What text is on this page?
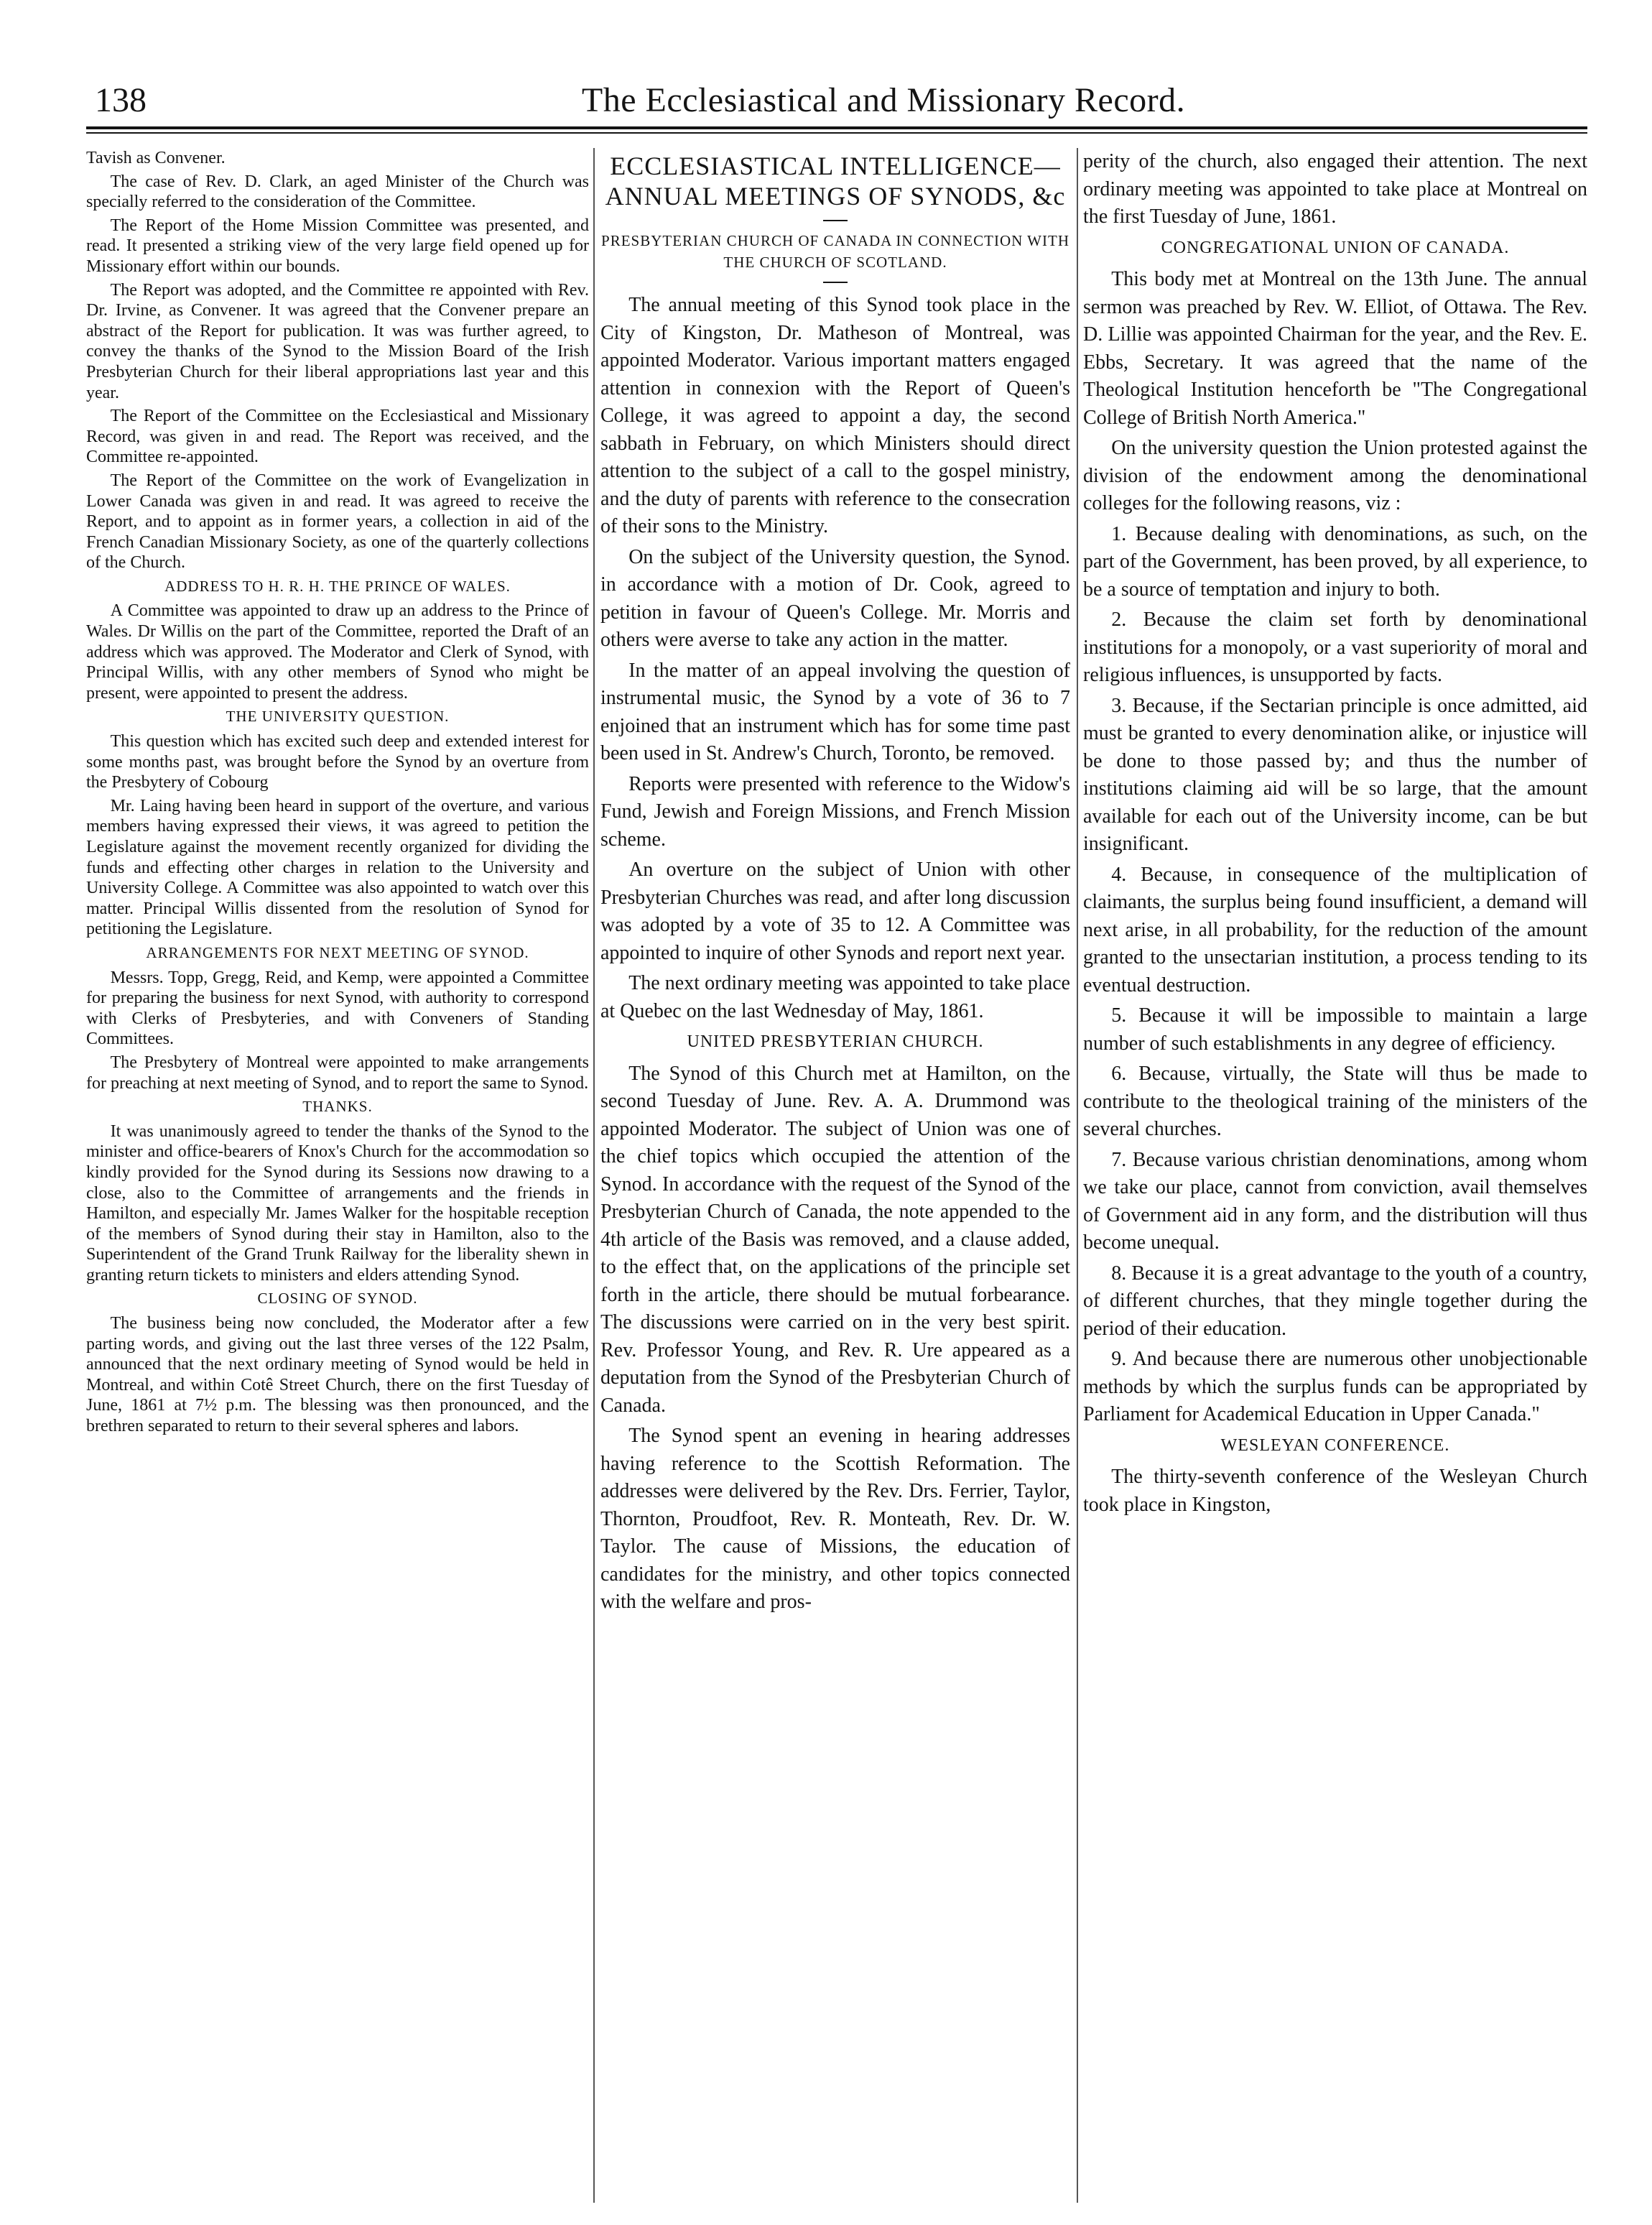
138	The Ecclesiastical and Missionary Record.

Tavish as Convener.

The case of Rev. D. Clark, an aged Minister of the Church was specially referred to the consideration of the Committee.

The Report of the Home Mission Committee was presented, and read. It presented a striking view of the very large field opened up for Missionary effort within our bounds.

The Report was adopted, and the Committee re appointed with Rev. Dr. Irvine, as Convener. It was agreed that the Convener prepare an abstract of the Report for publication. It was was further agreed, to convey the thanks of the Synod to the Mission Board of the Irish Presbyterian Church for their liberal appropriations last year and this year.

The Report of the Committee on the Ecclesiastical and Missionary Record, was given in and read. The Report was received, and the Committee re-appointed.

The Report of the Committee on the work of Evangelization in Lower Canada was given in and read. It was agreed to receive the Report, and to appoint as in former years, a collection in aid of the French Canadian Missionary Society, as one of the quarterly collections of the Church.

ADDRESS TO H. R. H. THE PRINCE OF WALES.

A Committee was appointed to draw up an address to the Prince of Wales. Dr Willis on the part of the Committee, reported the Draft of an address which was approved. The Moderator and Clerk of Synod, with Principal Willis, with any other members of Synod who might be present, were appointed to present the address.

THE UNIVERSITY QUESTION.

This question which has excited such deep and extended interest for some months past, was brought before the Synod by an overture from the Presbytery of Cobourg

Mr. Laing having been heard in support of the overture, and various members having expressed their views, it was agreed to petition the Legislature against the movement recently organized for dividing the funds and effecting other charges in relation to the University and University College. A Committee was also appointed to watch over this matter. Principal Willis dissented from the resolution of Synod for petitioning the Legislature.

ARRANGEMENTS FOR NEXT MEETING OF SYNOD.

Messrs. Topp, Gregg, Reid, and Kemp, were appointed a Committee for preparing the business for next Synod, with authority to correspond with Clerks of Presbyteries, and with Conveners of Standing Committees.

The Presbytery of Montreal were appointed to make arrangements for preaching at next meeting of Synod, and to report the same to Synod.

THANKS.

It was unanimously agreed to tender the thanks of the Synod to the minister and office-bearers of Knox's Church for the accommodation so kindly provided for the Synod during its Sessions now drawing to a close, also to the Committee of arrangements and the friends in Hamilton, and especially Mr. James Walker for the hospitable reception of the members of Synod during their stay in Hamilton, also to the Superintendent of the Grand Trunk Railway for the liberality shewn in granting return tickets to ministers and elders attending Synod.

CLOSING OF SYNOD.

The business being now concluded, the Moderator after a few parting words, and giving out the last three verses of the 122 Psalm, announced that the next ordinary meeting of Synod would be held in Montreal, and within Cotê Street Church, there on the first Tuesday of June, 1861 at 7½ p.m. The blessing was then pronounced, and the brethren separated to return to their several spheres and labors.

ECCLESIASTICAL INTELLIGENCE—ANNUAL MEETINGS OF SYNODS, &c
PRESBYTERIAN CHURCH OF CANADA IN CONNECTION WITH THE CHURCH OF SCOTLAND.

The annual meeting of this Synod took place in the City of Kingston, Dr. Matheson of Montreal, was appointed Moderator. Various important matters engaged attention in connexion with the Report of Queen's College, it was agreed to appoint a day, the second sabbath in February, on which Ministers should direct attention to the subject of a call to the gospel ministry, and the duty of parents with reference to the consecration of their sons to the Ministry.

On the subject of the University question, the Synod. in accordance with a motion of Dr. Cook, agreed to petition in favour of Queen's College. Mr. Morris and others were averse to take any action in the matter.

In the matter of an appeal involving the question of instrumental music, the Synod by a vote of 36 to 7 enjoined that an instrument which has for some time past been used in St. Andrew's Church, Toronto, be removed.

Reports were presented with reference to the Widow's Fund, Jewish and Foreign Missions, and French Mission scheme.

An overture on the subject of Union with other Presbyterian Churches was read, and after long discussion was adopted by a vote of 35 to 12. A Committee was appointed to inquire of other Synods and report next year.

The next ordinary meeting was appointed to take place at Quebec on the last Wednesday of May, 1861.

UNITED PRESBYTERIAN CHURCH.

The Synod of this Church met at Hamilton, on the second Tuesday of June. Rev. A. A. Drummond was appointed Moderator. The subject of Union was one of the chief topics which occupied the attention of the Synod. In accordance with the request of the Synod of the Presbyterian Church of Canada, the note appended to the 4th article of the Basis was removed, and a clause added, to the effect that, on the applications of the principle set forth in the article, there should be mutual forbearance. The discussions were carried on in the very best spirit. Rev. Professor Young, and Rev. R. Ure appeared as a deputation from the Synod of the Presbyterian Church of Canada.

The Synod spent an evening in hearing addresses having reference to the Scottish Reformation. The addresses were delivered by the Rev. Drs. Ferrier, Taylor, Thornton, Proudfoot, Rev. R. Monteath, Rev. Dr. W. Taylor. The cause of Missions, the education of candidates for the ministry, and other topics connected with the welfare and pros-

perity of the church, also engaged their attention. The next ordinary meeting was appointed to take place at Montreal on the first Tuesday of June, 1861.

CONGREGATIONAL UNION OF CANADA.

This body met at Montreal on the 13th June. The annual sermon was preached by Rev. W. Elliot, of Ottawa. The Rev. D. Lillie was appointed Chairman for the year, and the Rev. E. Ebbs, Secretary. It was agreed that the name of the Theological Institution henceforth be "The Congregational College of British North America."

On the university question the Union protested against the division of the endowment among the denominational colleges for the following reasons, viz :

1. Because dealing with denominations, as such, on the part of the Government, has been proved, by all experience, to be a source of temptation and injury to both.

2. Because the claim set forth by denominational institutions for a monopoly, or a vast superiority of moral and religious influences, is unsupported by facts.

3. Because, if the Sectarian principle is once admitted, aid must be granted to every denomination alike, or injustice will be done to those passed by; and thus the number of institutions claiming aid will be so large, that the amount available for each out of the University income, can be but insignificant.

4. Because, in consequence of the multiplication of claimants, the surplus being found insufficient, a demand will next arise, in all probability, for the reduction of the amount granted to the unsectarian institution, a process tending to its eventual destruction.

5. Because it will be impossible to maintain a large number of such establishments in any degree of efficiency.

6. Because, virtually, the State will thus be made to contribute to the theological training of the ministers of the several churches.

7. Because various christian denominations, among whom we take our place, cannot from conviction, avail themselves of Government aid in any form, and the distribution will thus become unequal.

8. Because it is a great advantage to the youth of a country, of different churches, that they mingle together during the period of their education.

9. And because there are numerous other unobjectionable methods by which the surplus funds can be appropriated by Parliament for Academical Education in Upper Canada."

WESLEYAN CONFERENCE.

The thirty-seventh conference of the Wesleyan Church took place in Kingston,
